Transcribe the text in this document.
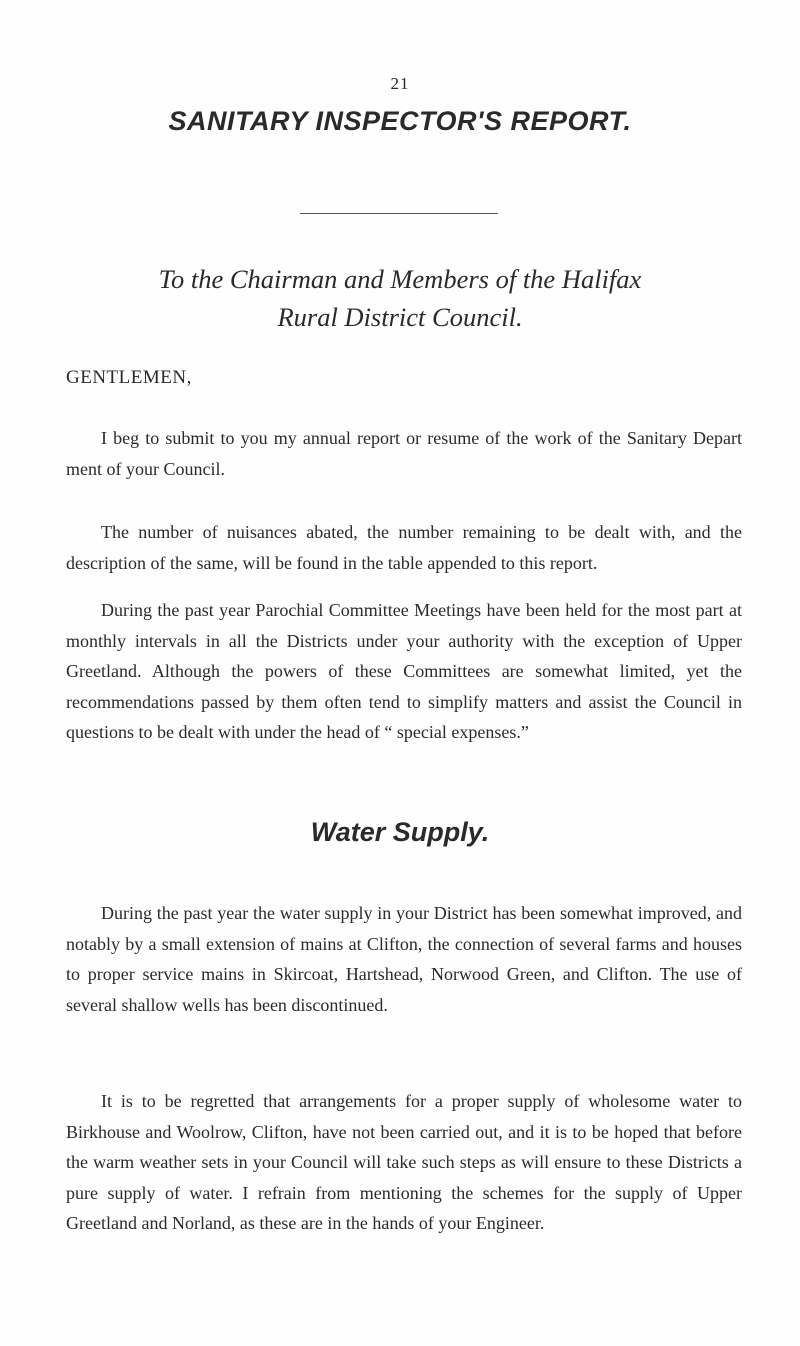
21
SANITARY INSPECTOR'S REPORT.
To the Chairman and Members of the Halifax
Rural District Council.
GENTLEMEN,

I beg to submit to you my annual report or resume of the work of the Sanitary Depart ment of your Council.

The number of nuisances abated, the number remaining to be dealt with, and the description of the same, will be found in the table appended to this report.

During the past year Parochial Committee Meetings have been held for the most part at monthly intervals in all the Districts under your authority with the exception of Upper Greetland. Although the powers of these Committees are somewhat limited, yet the recommendations passed by them often tend to simplify matters and assist the Council in questions to be dealt with under the head of “ special expenses.”

Water Supply.

During the past year the water supply in your District has been somewhat improved, and notably by a small extension of mains at Clifton, the connection of several farms and houses to proper service mains in Skircoat, Hartshead, Norwood Green, and Clifton. The use of several shallow wells has been discontinued.

It is to be regretted that arrangements for a proper supply of wholesome water to Birkhouse and Woolrow, Clifton, have not been carried out, and it is to be hoped that before the warm weather sets in your Council will take such steps as will ensure to these Districts a pure supply of water. I refrain from mentioning the schemes for the supply of Upper Greetland and Norland, as these are in the hands of your Engineer.
